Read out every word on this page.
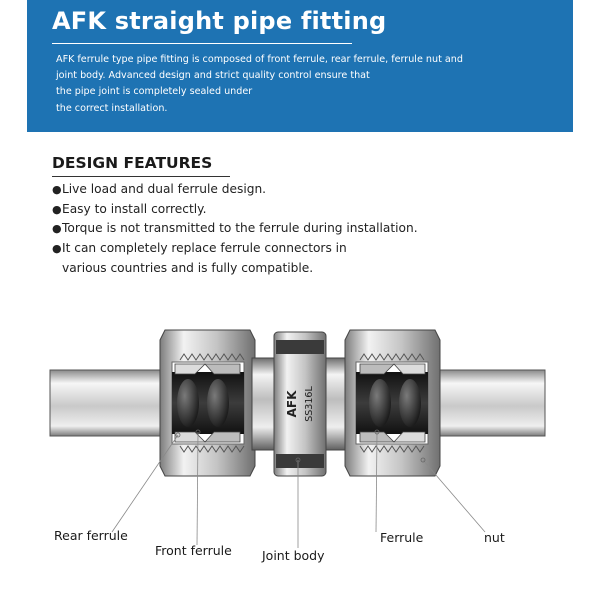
AFK straight pipe fitting
AFK ferrule type pipe fitting is composed of front ferrule, rear ferrule, ferrule nut and
joint body. Advanced design and strict quality control ensure that
the pipe joint is completely sealed under
the correct installation.
DESIGN FEATURES
● Live load and dual ferrule design.
● Easy to install correctly.
● Torque is not transmitted to the ferrule during installation.
● It can completely replace ferrule connectors in
various countries and is fully compatible.
AFK SS316L
Rear ferrule
Front ferrule Joint body
Ferrule	nut
